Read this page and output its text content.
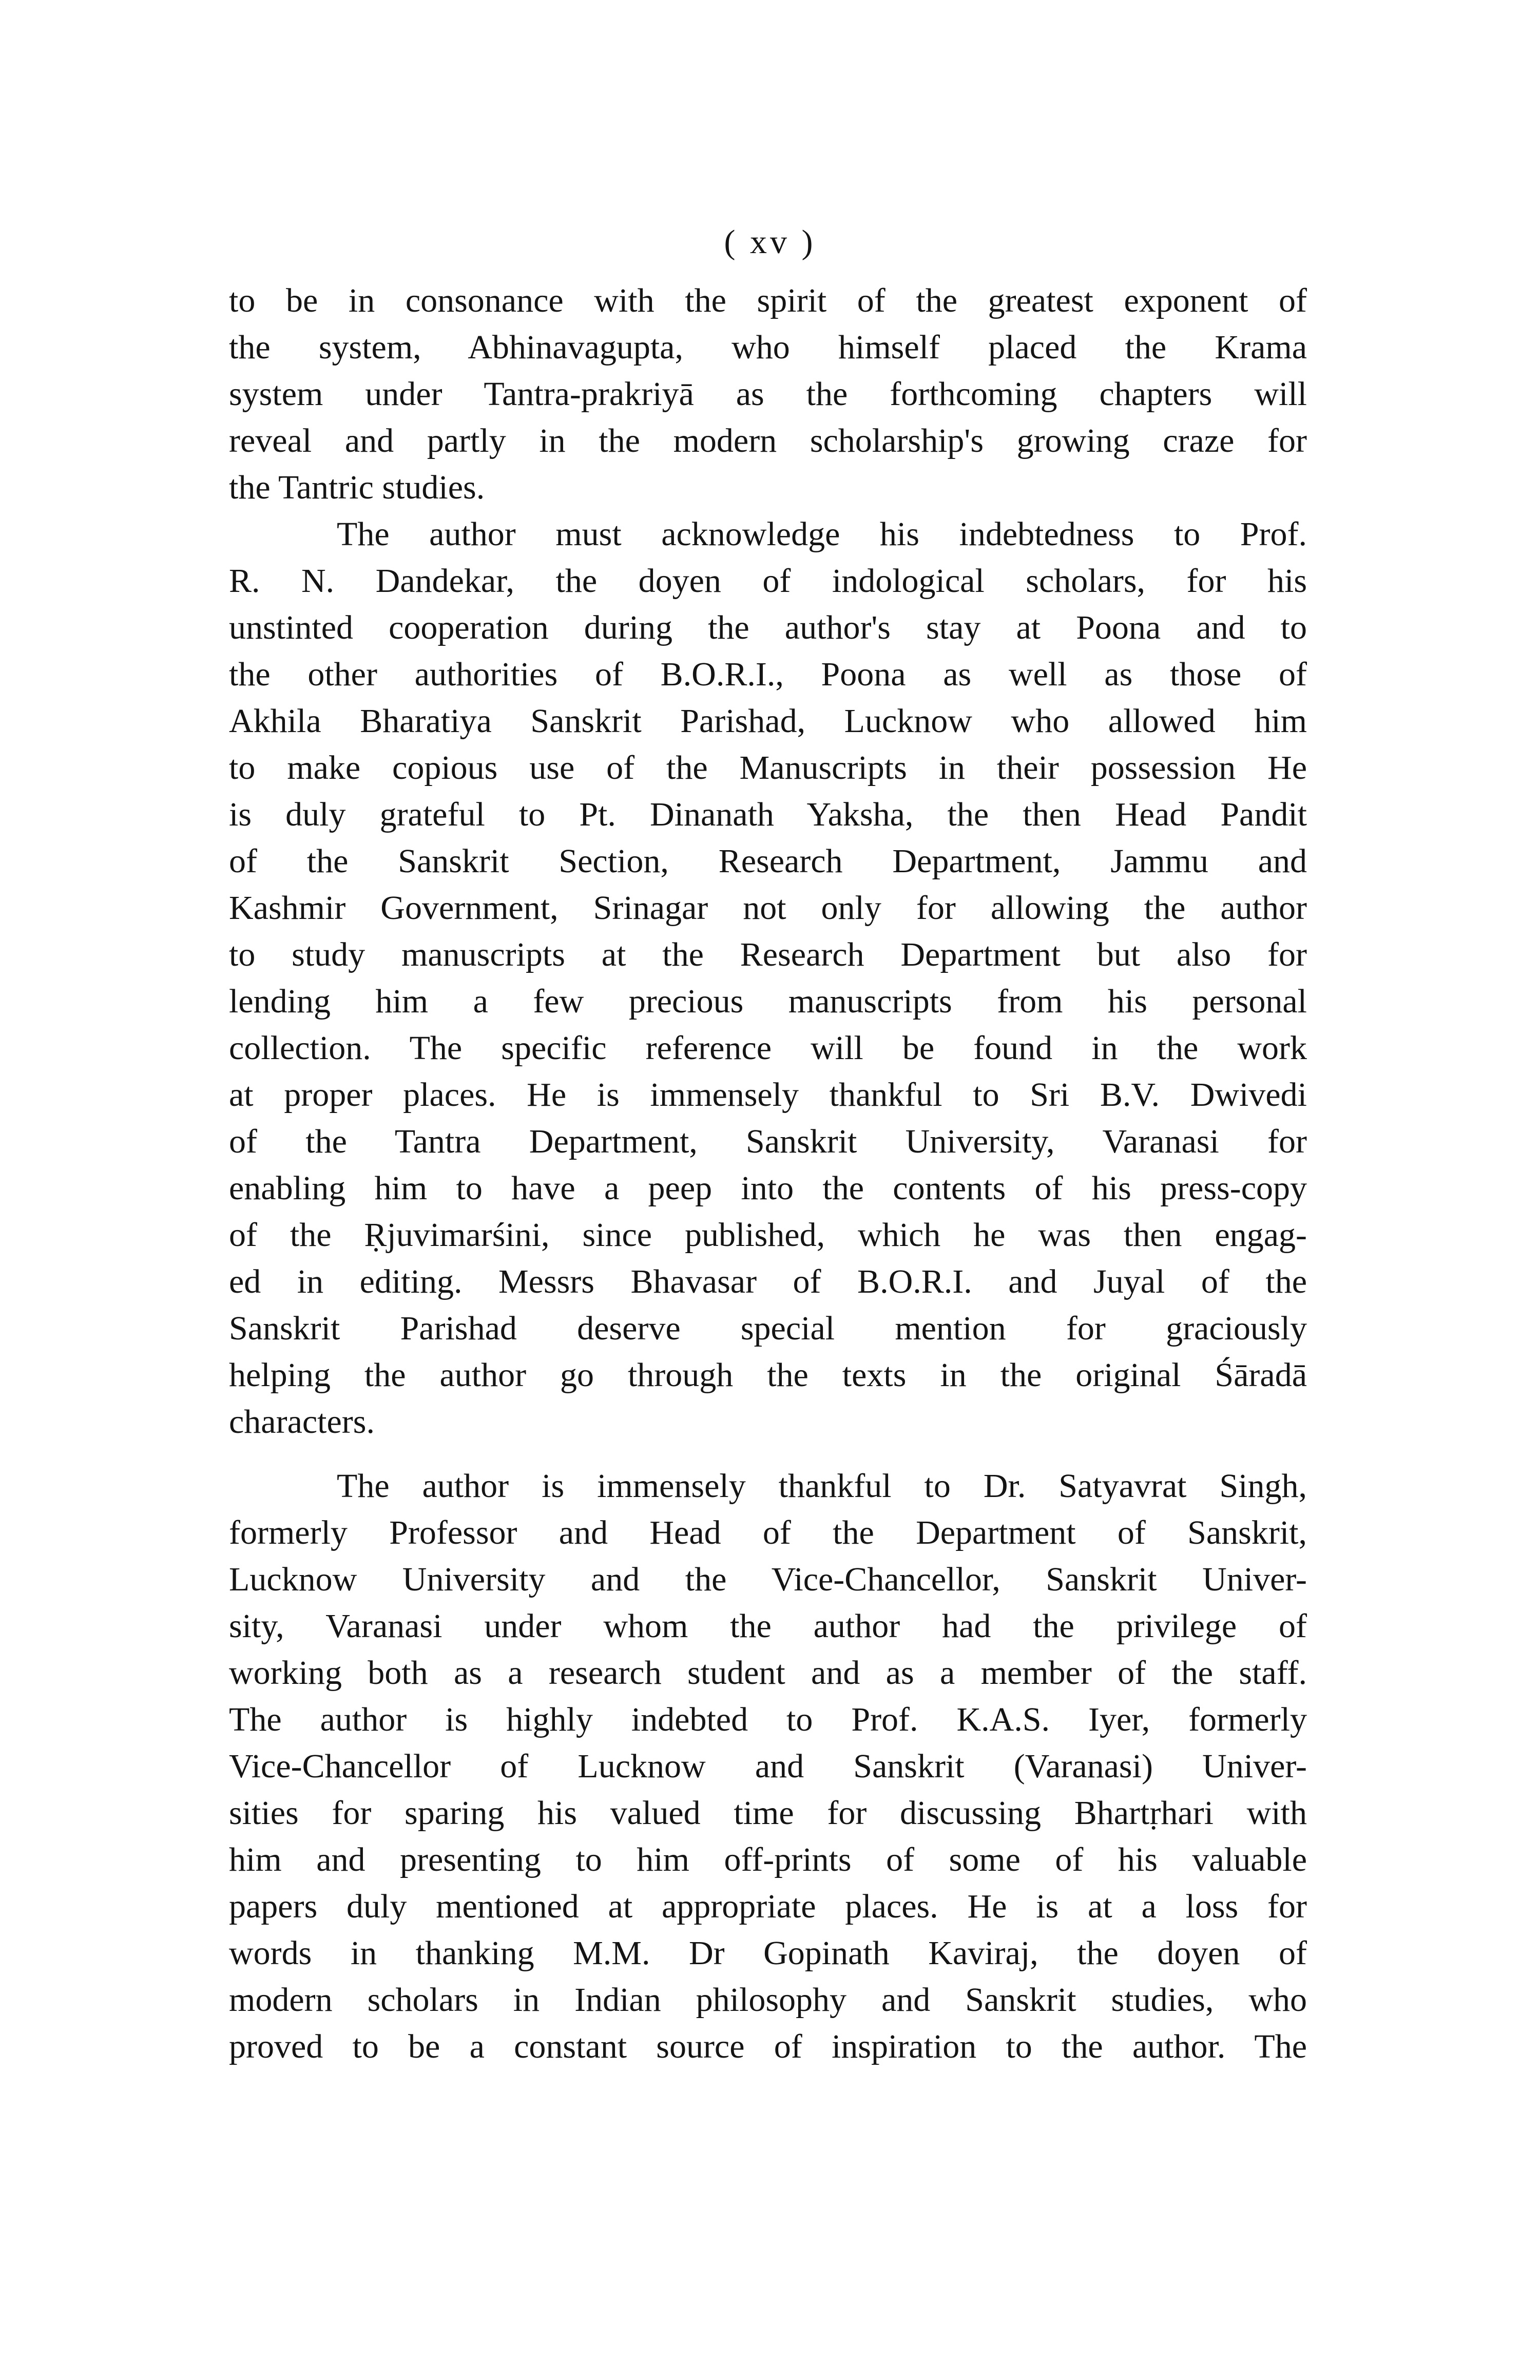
( xv )
to be in consonance with the spirit of the greatest exponent of
the system, Abhinavagupta, who himself placed the Krama
system under Tantra-prakriyā as the forthcoming chapters will
reveal and partly in the modern scholarship's growing craze for
the Tantric studies.
The author must acknowledge his indebtedness to Prof.
R. N. Dandekar, the doyen of indological scholars, for his
unstinted cooperation during the author's stay at Poona and to
the other authorities of B.O.R.I., Poona as well as those of
Akhila Bharatiya Sanskrit Parishad, Lucknow who allowed him
to make copious use of the Manuscripts in their possession He
is duly grateful to Pt. Dinanath Yaksha, the then Head Pandit
of the Sanskrit Section, Research Department, Jammu and
Kashmir Government, Srinagar not only for allowing the author
to study manuscripts at the Research Department but also for
lending him a few precious manuscripts from his personal
collection. The specific reference will be found in the work
at proper places. He is immensely thankful to Sri B.V. Dwivedi
of the Tantra Department, Sanskrit University, Varanasi for
enabling him to have a peep into the contents of his press-copy
of the Ṛjuvimarśini, since published, which he was then engag-
ed in editing. Messrs Bhavasar of B.O.R.I. and Juyal of the
Sanskrit Parishad deserve special mention for graciously
helping the author go through the texts in the original Śāradā
characters.
The author is immensely thankful to Dr. Satyavrat Singh,
formerly Professor and Head of the Department of Sanskrit,
Lucknow University and the Vice-Chancellor, Sanskrit Univer-
sity, Varanasi under whom the author had the privilege of
working both as a research student and as a member of the staff.
The author is highly indebted to Prof. K.A.S. Iyer, formerly
Vice-Chancellor of Lucknow and Sanskrit (Varanasi) Univer-
sities for sparing his valued time for discussing Bhartṛhari with
him and presenting to him off-prints of some of his valuable
papers duly mentioned at appropriate places. He is at a loss for
words in thanking M.M. Dr Gopinath Kaviraj, the doyen of
modern scholars in Indian philosophy and Sanskrit studies, who
proved to be a constant source of inspiration to the author. The
